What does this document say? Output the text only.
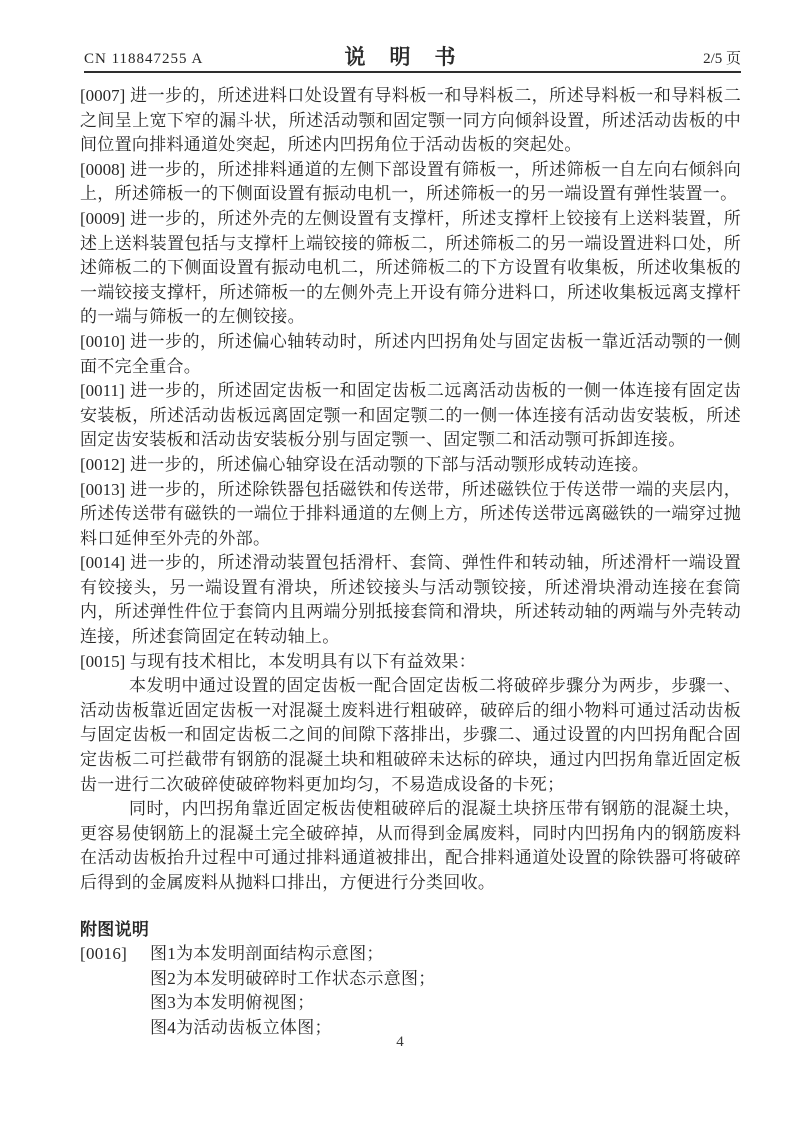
说明书
CN 118847255 A	2/5 页

[0007] 进一步的，所述进料口处设置有导料板一和导料板二，所述导料板一和导料板二之间呈上宽下窄的漏斗状，所述活动颚和固定颚一同方向倾斜设置，所述活动齿板的中间位置向排料通道处突起，所述内凹拐角位于活动齿板的突起处。

[0008] 进一步的，所述排料通道的左侧下部设置有筛板一，所述筛板一自左向右倾斜向上，所述筛板一的下侧面设置有振动电机一，所述筛板一的另一端设置有弹性装置一。

[0009] 进一步的，所述外壳的左侧设置有支撑杆，所述支撑杆上铰接有上送料装置，所述上送料装置包括与支撑杆上端铰接的筛板二，所述筛板二的另一端设置进料口处，所述筛板二的下侧面设置有振动电机二，所述筛板二的下方设置有收集板，所述收集板的一端铰接支撑杆，所述筛板一的左侧外壳上开设有筛分进料口，所述收集板远离支撑杆的一端与筛板一的左侧铰接。

[0010] 进一步的，所述偏心轴转动时，所述内凹拐角处与固定齿板一靠近活动颚的一侧面不完全重合。

[0011] 进一步的，所述固定齿板一和固定齿板二远离活动齿板的一侧一体连接有固定齿安装板，所述活动齿板远离固定颚一和固定颚二的一侧一体连接有活动齿安装板，所述固定齿安装板和活动齿安装板分别与固定颚一、固定颚二和活动颚可拆卸连接。

[0012] 进一步的，所述偏心轴穿设在活动颚的下部与活动颚形成转动连接。

[0013] 进一步的，所述除铁器包括磁铁和传送带，所述磁铁位于传送带一端的夹层内，所述传送带有磁铁的一端位于排料通道的左侧上方，所述传送带远离磁铁的一端穿过抛料口延伸至外壳的外部。

[0014] 进一步的，所述滑动装置包括滑杆、套筒、弹性件和转动轴，所述滑杆一端设置有铰接头，另一端设置有滑块，所述铰接头与活动颚铰接，所述滑块滑动连接在套筒内，所述弹性件位于套筒内且两端分别抵接套筒和滑块，所述转动轴的两端与外壳转动连接，所述套筒固定在转动轴上。

[0015] 与现有技术相比，本发明具有以下有益效果：

本发明中通过设置的固定齿板一配合固定齿板二将破碎步骤分为两步，步骤一、活动齿板靠近固定齿板一对混凝土废料进行粗破碎，破碎后的细小物料可通过活动齿板与固定齿板一和固定齿板二之间的间隙下落排出，步骤二、通过设置的内凹拐角配合固定齿板二可拦截带有钢筋的混凝土块和粗破碎未达标的碎块，通过内凹拐角靠近固定板齿一进行二次破碎使破碎物料更加均匀，不易造成设备的卡死；

同时，内凹拐角靠近固定板齿使粗破碎后的混凝土块挤压带有钢筋的混凝土块，更容易使钢筋上的混凝土完全破碎掉，从而得到金属废料，同时内凹拐角内的钢筋废料在活动齿板抬升过程中可通过排料通道被排出，配合排料通道处设置的除铁器可将破碎后得到的金属废料从抛料口排出，方便进行分类回收。

附图说明
[0016]	图1为本发明剖面结构示意图；

图2为本发明破碎时工作状态示意图；

图3为本发明俯视图；

图4为活动齿板立体图；

4
